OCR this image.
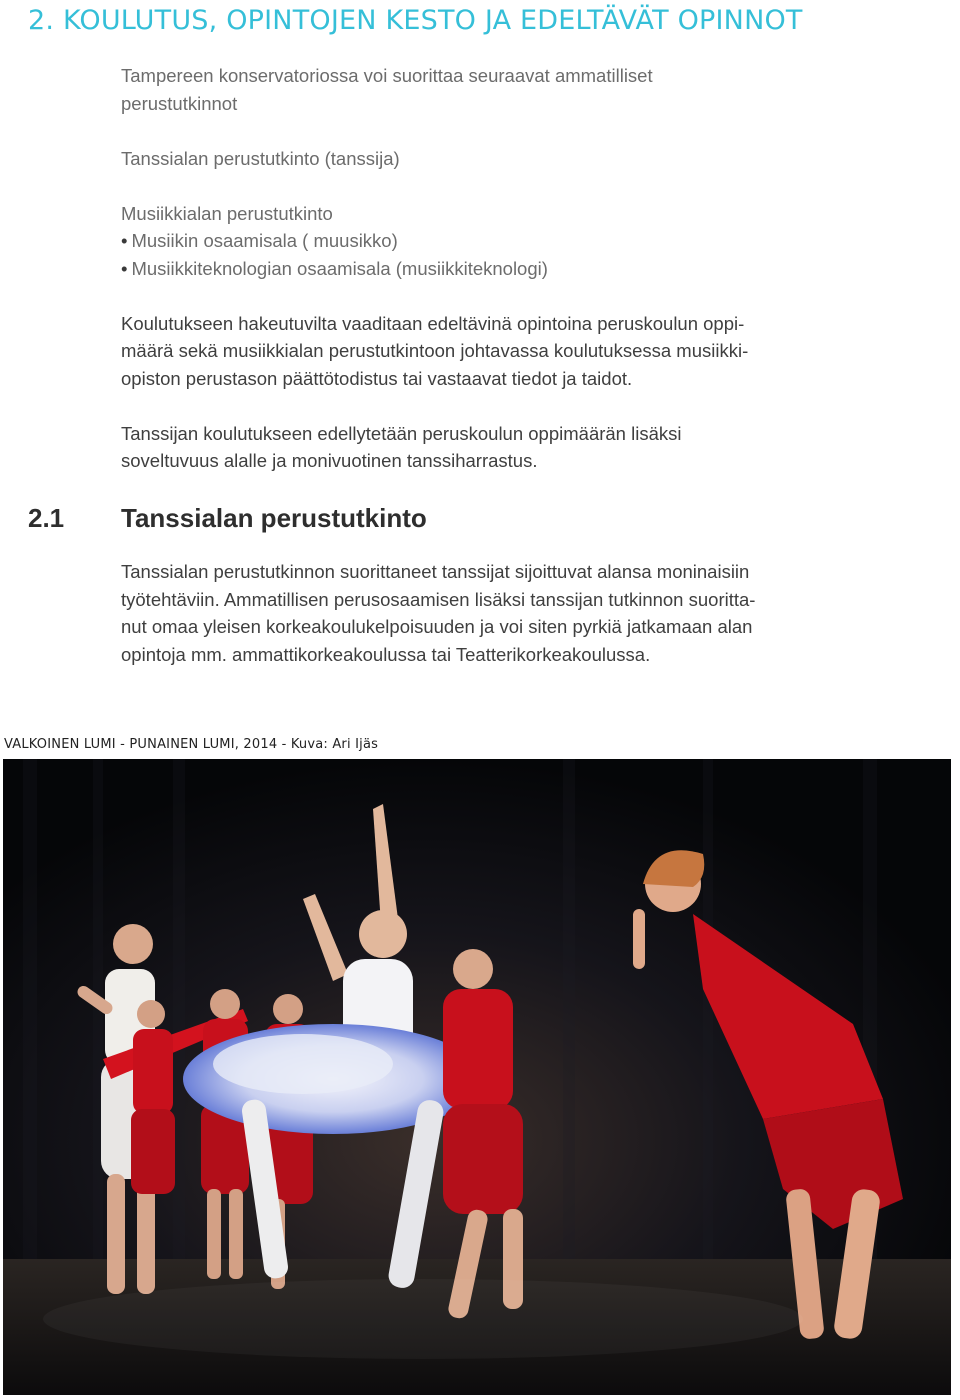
2. KOULUTUS, OPINTOJEN KESTO JA EDELTÄVÄT OPINNOT

Tampereen konservatoriossa voi suorittaa seuraavat ammatilliset
perustutkinnot

Tanssialan perustutkinto (tanssija)

Musiikkialan perustutkinto
• Musiikin osaamisala ( muusikko)
• Musiikkiteknologian osaamisala (musiikkiteknologi)

Koulutukseen hakeutuvilta vaaditaan edeltävinä opintoina peruskoulun oppi-
määrä sekä musiikkialan perustutkintoon johtavassa koulutuksessa musiikki-
opiston perustason päättötodistus tai vastaavat tiedot ja taidot.

Tanssijan koulutukseen edellytetään peruskoulun oppimäärän lisäksi
soveltuvuus alalle ja monivuotinen tanssiharrastus.

2.1 Tanssialan perustutkinto

Tanssialan perustutkinnon suorittaneet tanssijat sijoittuvat alansa moninaisiin
työtehtäviin. Ammatillisen perusosaamisen lisäksi tanssijan tutkinnon suoritta-
nut omaa yleisen korkeakoulukelpoisuuden ja voi siten pyrkiä jatkamaan alan
opintoja mm. ammattikorkeakoulussa tai Teatterikorkeakoulussa.

VALKOINEN LUMI - PUNAINEN LUMI, 2014 - Kuva: Ari Ijäs
